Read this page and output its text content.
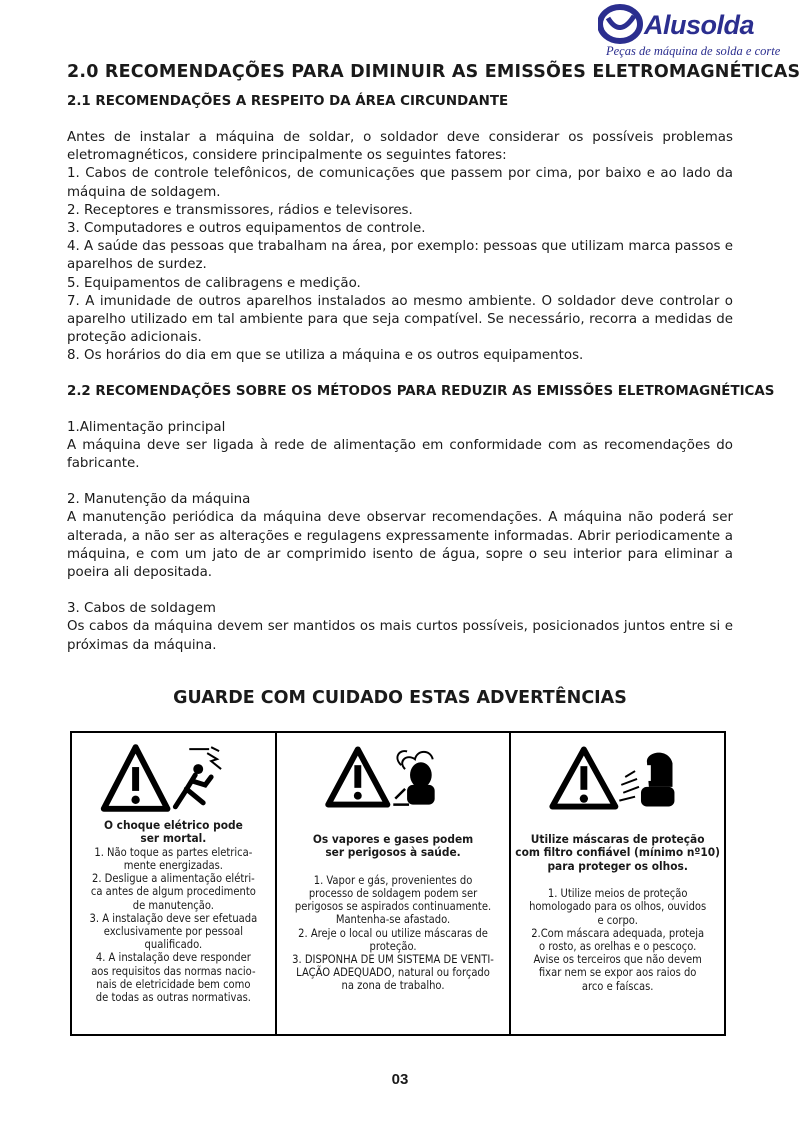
Alusolda
Peças de máquina de solda e corte
2.0 RECOMENDAÇÕES PARA DIMINUIR AS EMISSÕES ELETROMAGNÉTICAS
2.1 RECOMENDAÇÕES A RESPEITO DA ÁREA CIRCUNDANTE

Antes de instalar a máquina de soldar, o soldador deve considerar os possíveis problemas eletromagnéticos, considere principalmente os seguintes fatores:

1. Cabos de controle telefônicos, de comunicações que passem por cima, por baixo e ao lado da máquina de soldagem.

2. Receptores e transmissores, rádios e televisores.

3. Computadores e outros equipamentos de controle.

4. A saúde das pessoas que trabalham na área, por exemplo: pessoas que utilizam marca passos e aparelhos de surdez.

5. Equipamentos de calibragens e medição.

7. A imunidade de outros aparelhos instalados ao mesmo ambiente. O soldador deve controlar o aparelho utilizado em tal ambiente para que seja compatível. Se necessário, recorra a medidas de proteção adicionais.

8. Os horários do dia em que se utiliza a máquina e os outros equipamentos.

2.2 RECOMENDAÇÕES SOBRE OS MÉTODOS PARA REDUZIR AS EMISSÕES ELETROMAGNÉTICAS

1.Alimentação principal

A máquina deve ser ligada à rede de alimentação em conformidade com as recomendações do fabricante.

2. Manutenção da máquina

A manutenção periódica da máquina deve observar recomendações. A máquina não poderá ser alterada, a não ser as alterações e regulagens expressamente informadas. Abrir periodicamente a máquina, e com um jato de ar comprimido isento de água, sopre o seu interior para eliminar a poeira ali depositada.

3. Cabos de soldagem

Os cabos da máquina devem ser mantidos os mais curtos possíveis, posicionados juntos entre si e próximas da máquina.

GUARDE COM CUIDADO ESTAS ADVERTÊNCIAS
O choque elétrico pode
ser mortal.
1. Não toque as partes eletrica-
mente energizadas.
2. Desligue a alimentação elétri-
ca antes de algum procedimento
de manutenção.
3. A instalação deve ser efetuada
exclusivamente por pessoal
qualificado.
4. A instalação deve responder
aos requisitos das normas nacio-
nais de eletricidade bem como
de todas as outras normativas.
Os vapores e gases podem
ser perigosos à saúde.
1. Vapor e gás, provenientes do
processo de soldagem podem ser
perigosos se aspirados continuamente.
Mantenha-se afastado.
2. Areje o local ou utilize máscaras de
proteção.
3. DISPONHA DE UM SISTEMA DE VENTI-
LAÇÃO ADEQUADO, natural ou forçado
na zona de trabalho.
Utilize máscaras de proteção
com filtro confiável (mínimo nº10)
para proteger os olhos.
1. Utilize meios de proteção
homologado para os olhos, ouvidos
e corpo.
2.Com máscara adequada, proteja
o rosto, as orelhas e o pescoço.
Avise os terceiros que não devem
fixar nem se expor aos raios do
arco e faíscas.
03
